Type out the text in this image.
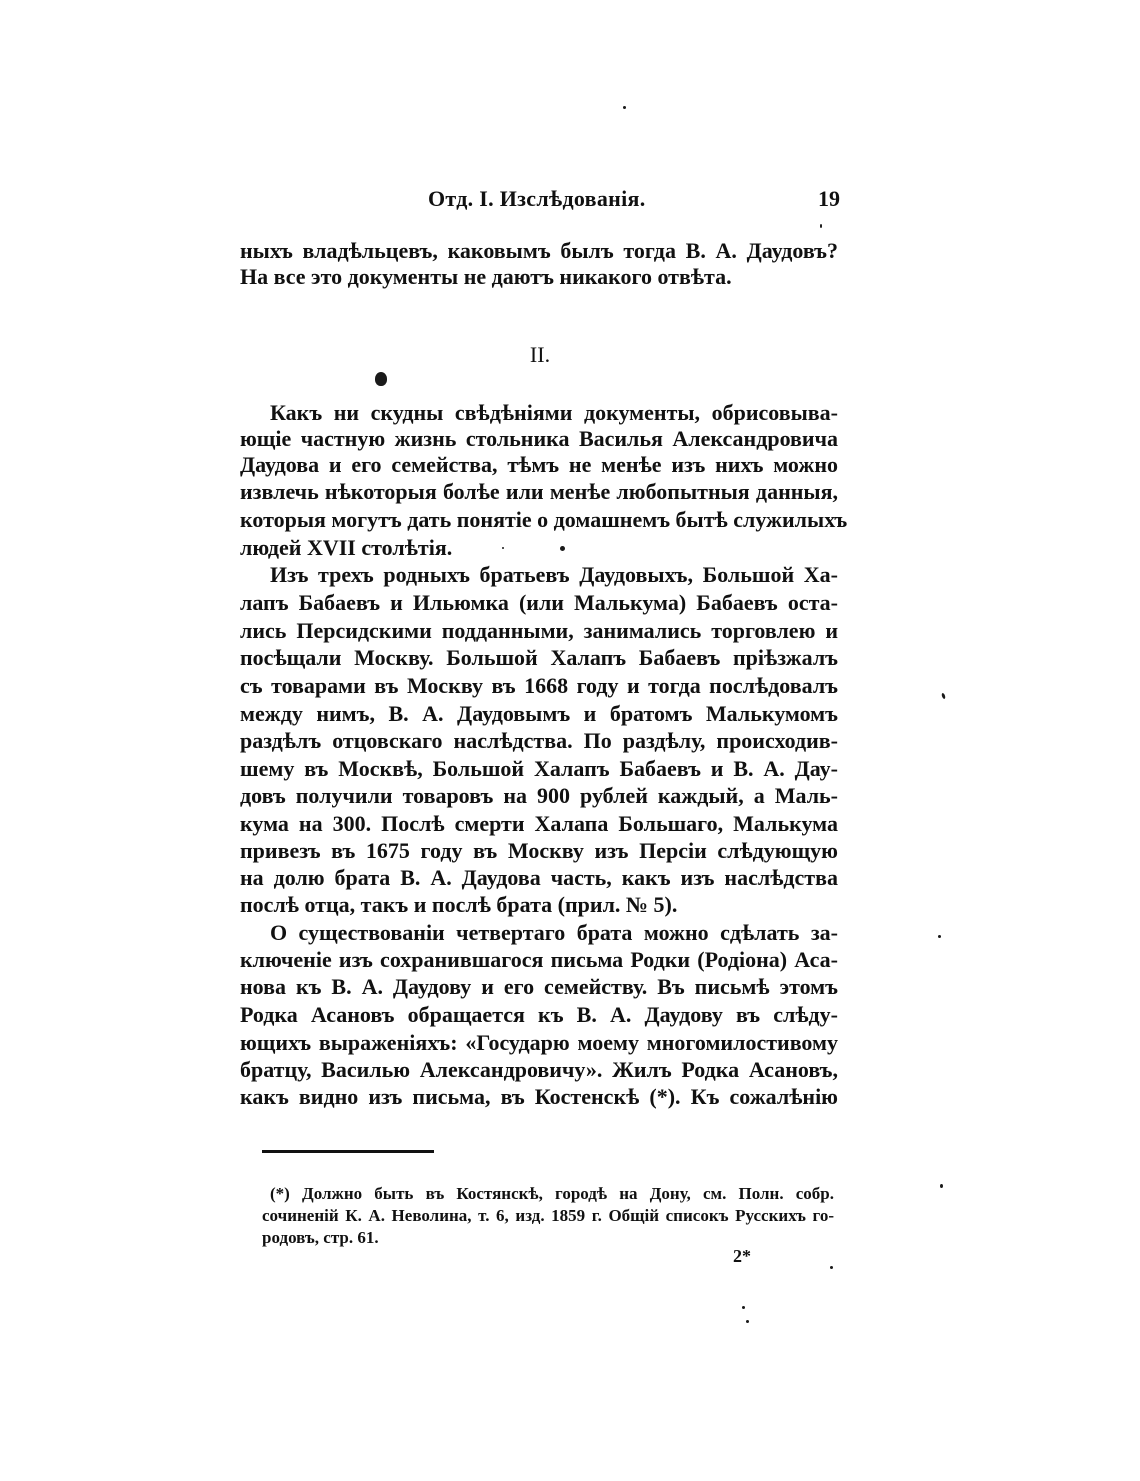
Отд. I. Изслѣдованія.	19
ныхъ владѣльцевъ, каковымъ былъ тогда В. А. Даудовъ?
На все это документы не даютъ никакого отвѣта.
II.
Какъ ни скудны свѣдѣніями документы, обрисовыва-
ющіе частную жизнь стольника Василья Александровича
Даудова и его семейства, тѣмъ не менѣе изъ нихъ можно
извлечь нѣкоторыя болѣе или менѣе любопытныя данныя,
которыя могутъ дать понятіе о домашнемъ бытѣ служилыхъ
людей XVII столѣтія.
Изъ трехъ родныхъ братьевъ Даудовыхъ, Большой Ха-
лапъ Бабаевъ и Ильюмка (или Малькума) Бабаевъ оста-
лись Персидскими подданными, занимались торговлею и
посѣщали Москву. Большой Халапъ Бабаевъ пріѣзжалъ
съ товарами въ Москву въ 1668 году и тогда послѣдовалъ
между нимъ, В. А. Даудовымъ и братомъ Малькумомъ
раздѣлъ отцовскаго наслѣдства. По раздѣлу, происходив-
шему въ Москвѣ, Большой Халапъ Бабаевъ и В. А. Дау-
довъ получили товаровъ на 900 рублей каждый, а Маль-
кума на 300. Послѣ смерти Халапа Большаго, Малькума
привезъ въ 1675 году въ Москву изъ Персіи слѣдующую
на долю брата В. А. Даудова часть, какъ изъ наслѣдства
послѣ отца, такъ и послѣ брата (прил. № 5).
О существованіи четвертаго брата можно сдѣлать за-
ключеніе изъ сохранившагося письма Родки (Родіона) Аса-
нова къ В. А. Даудову и его семейству. Въ письмѣ этомъ
Родка Асановъ обращается къ В. А. Даудову въ слѣду-
ющихъ выраженіяхъ: «Государю моему многомилостивому
братцу, Василью Александровичу». Жилъ Родка Асановъ,
какъ видно изъ письма, въ Костенскѣ (*). Къ сожалѣнію
(*) Должно быть въ Костянскѣ, городѣ на Дону, см. Полн. собр.
сочиненій К. А. Неволина, т. 6, изд. 1859 г. Общій списокъ Русскихъ го-
родовъ, стр. 61.
2*
